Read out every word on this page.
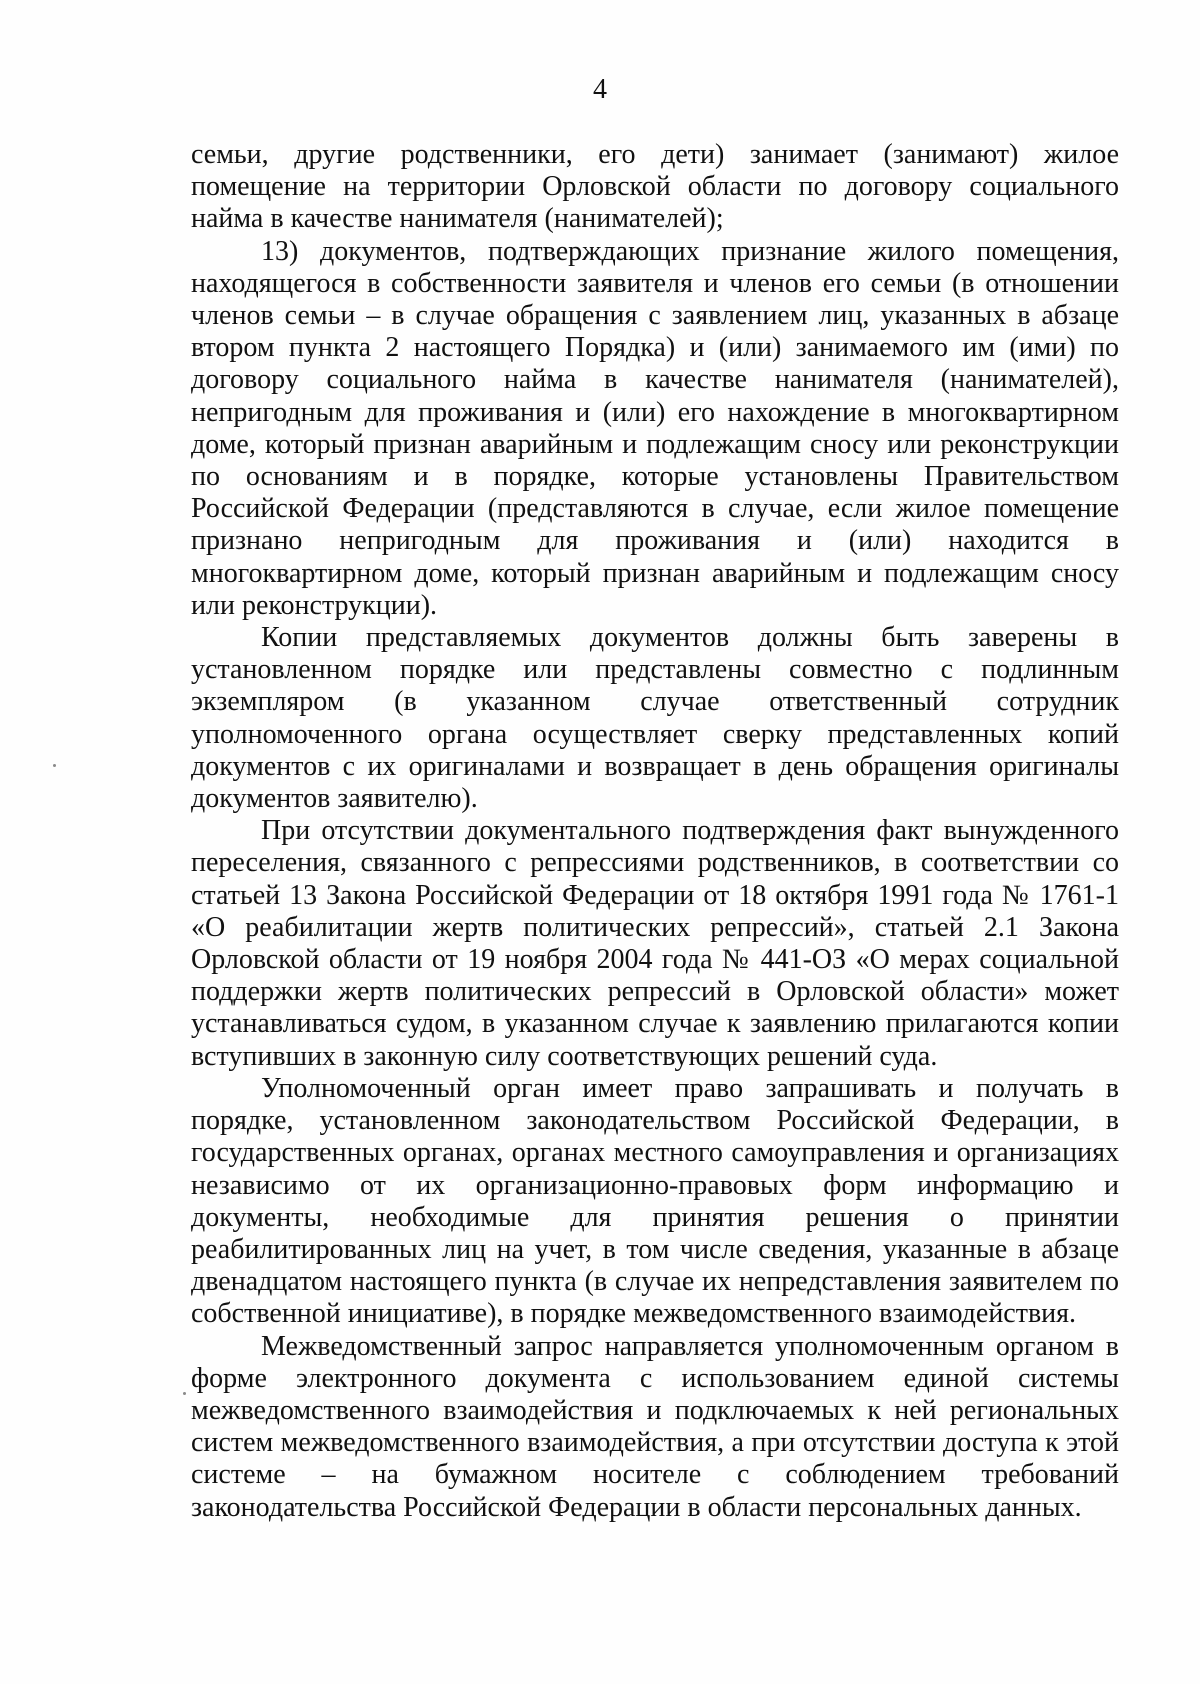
4

семьи, другие родственники, его дети) занимает (занимают) жилое помещение на территории Орловской области по договору социального найма в качестве нанимателя (нанимателей);

13) документов, подтверждающих признание жилого помещения, находящегося в собственности заявителя и членов его семьи (в отношении членов семьи – в случае обращения с заявлением лиц, указанных в абзаце втором пункта 2 настоящего Порядка) и (или) занимаемого им (ими) по договору социального найма в качестве нанимателя (нанимателей), непригодным для проживания и (или) его нахождение в многоквартирном доме, который признан аварийным и подлежащим сносу или реконструкции по основаниям и в порядке, которые установлены Правительством Российской Федерации (представляются в случае, если жилое помещение признано непригодным для проживания и (или) находится в многоквартирном доме, который признан аварийным и подлежащим сносу или реконструкции).

Копии представляемых документов должны быть заверены в установленном порядке или представлены совместно с подлинным экземпляром (в указанном случае ответственный сотрудник уполномоченного органа осуществляет сверку представленных копий документов с их оригиналами и возвращает в день обращения оригиналы документов заявителю).

При отсутствии документального подтверждения факт вынужденного переселения, связанного с репрессиями родственников, в соответствии со статьей 13 Закона Российской Федерации от 18 октября 1991 года № 1761-1 «О реабилитации жертв политических репрессий», статьей 2.1 Закона Орловской области от 19 ноября 2004 года № 441-ОЗ «О мерах социальной поддержки жертв политических репрессий в Орловской области» может устанавливаться судом, в указанном случае к заявлению прилагаются копии вступивших в законную силу соответствующих решений суда.

Уполномоченный орган имеет право запрашивать и получать в порядке, установленном законодательством Российской Федерации, в государственных органах, органах местного самоуправления и организациях независимо от их организационно-правовых форм информацию и документы, необходимые для принятия решения о принятии реабилитированных лиц на учет, в том числе сведения, указанные в абзаце двенадцатом настоящего пункта (в случае их непредставления заявителем по собственной инициативе), в порядке межведомственного взаимодействия.

Межведомственный запрос направляется уполномоченным органом в форме электронного документа с использованием единой системы межведомственного взаимодействия и подключаемых к ней региональных систем межведомственного взаимодействия, а при отсутствии доступа к этой системе – на бумажном носителе с соблюдением требований законодательства Российской Федерации в области персональных данных.
